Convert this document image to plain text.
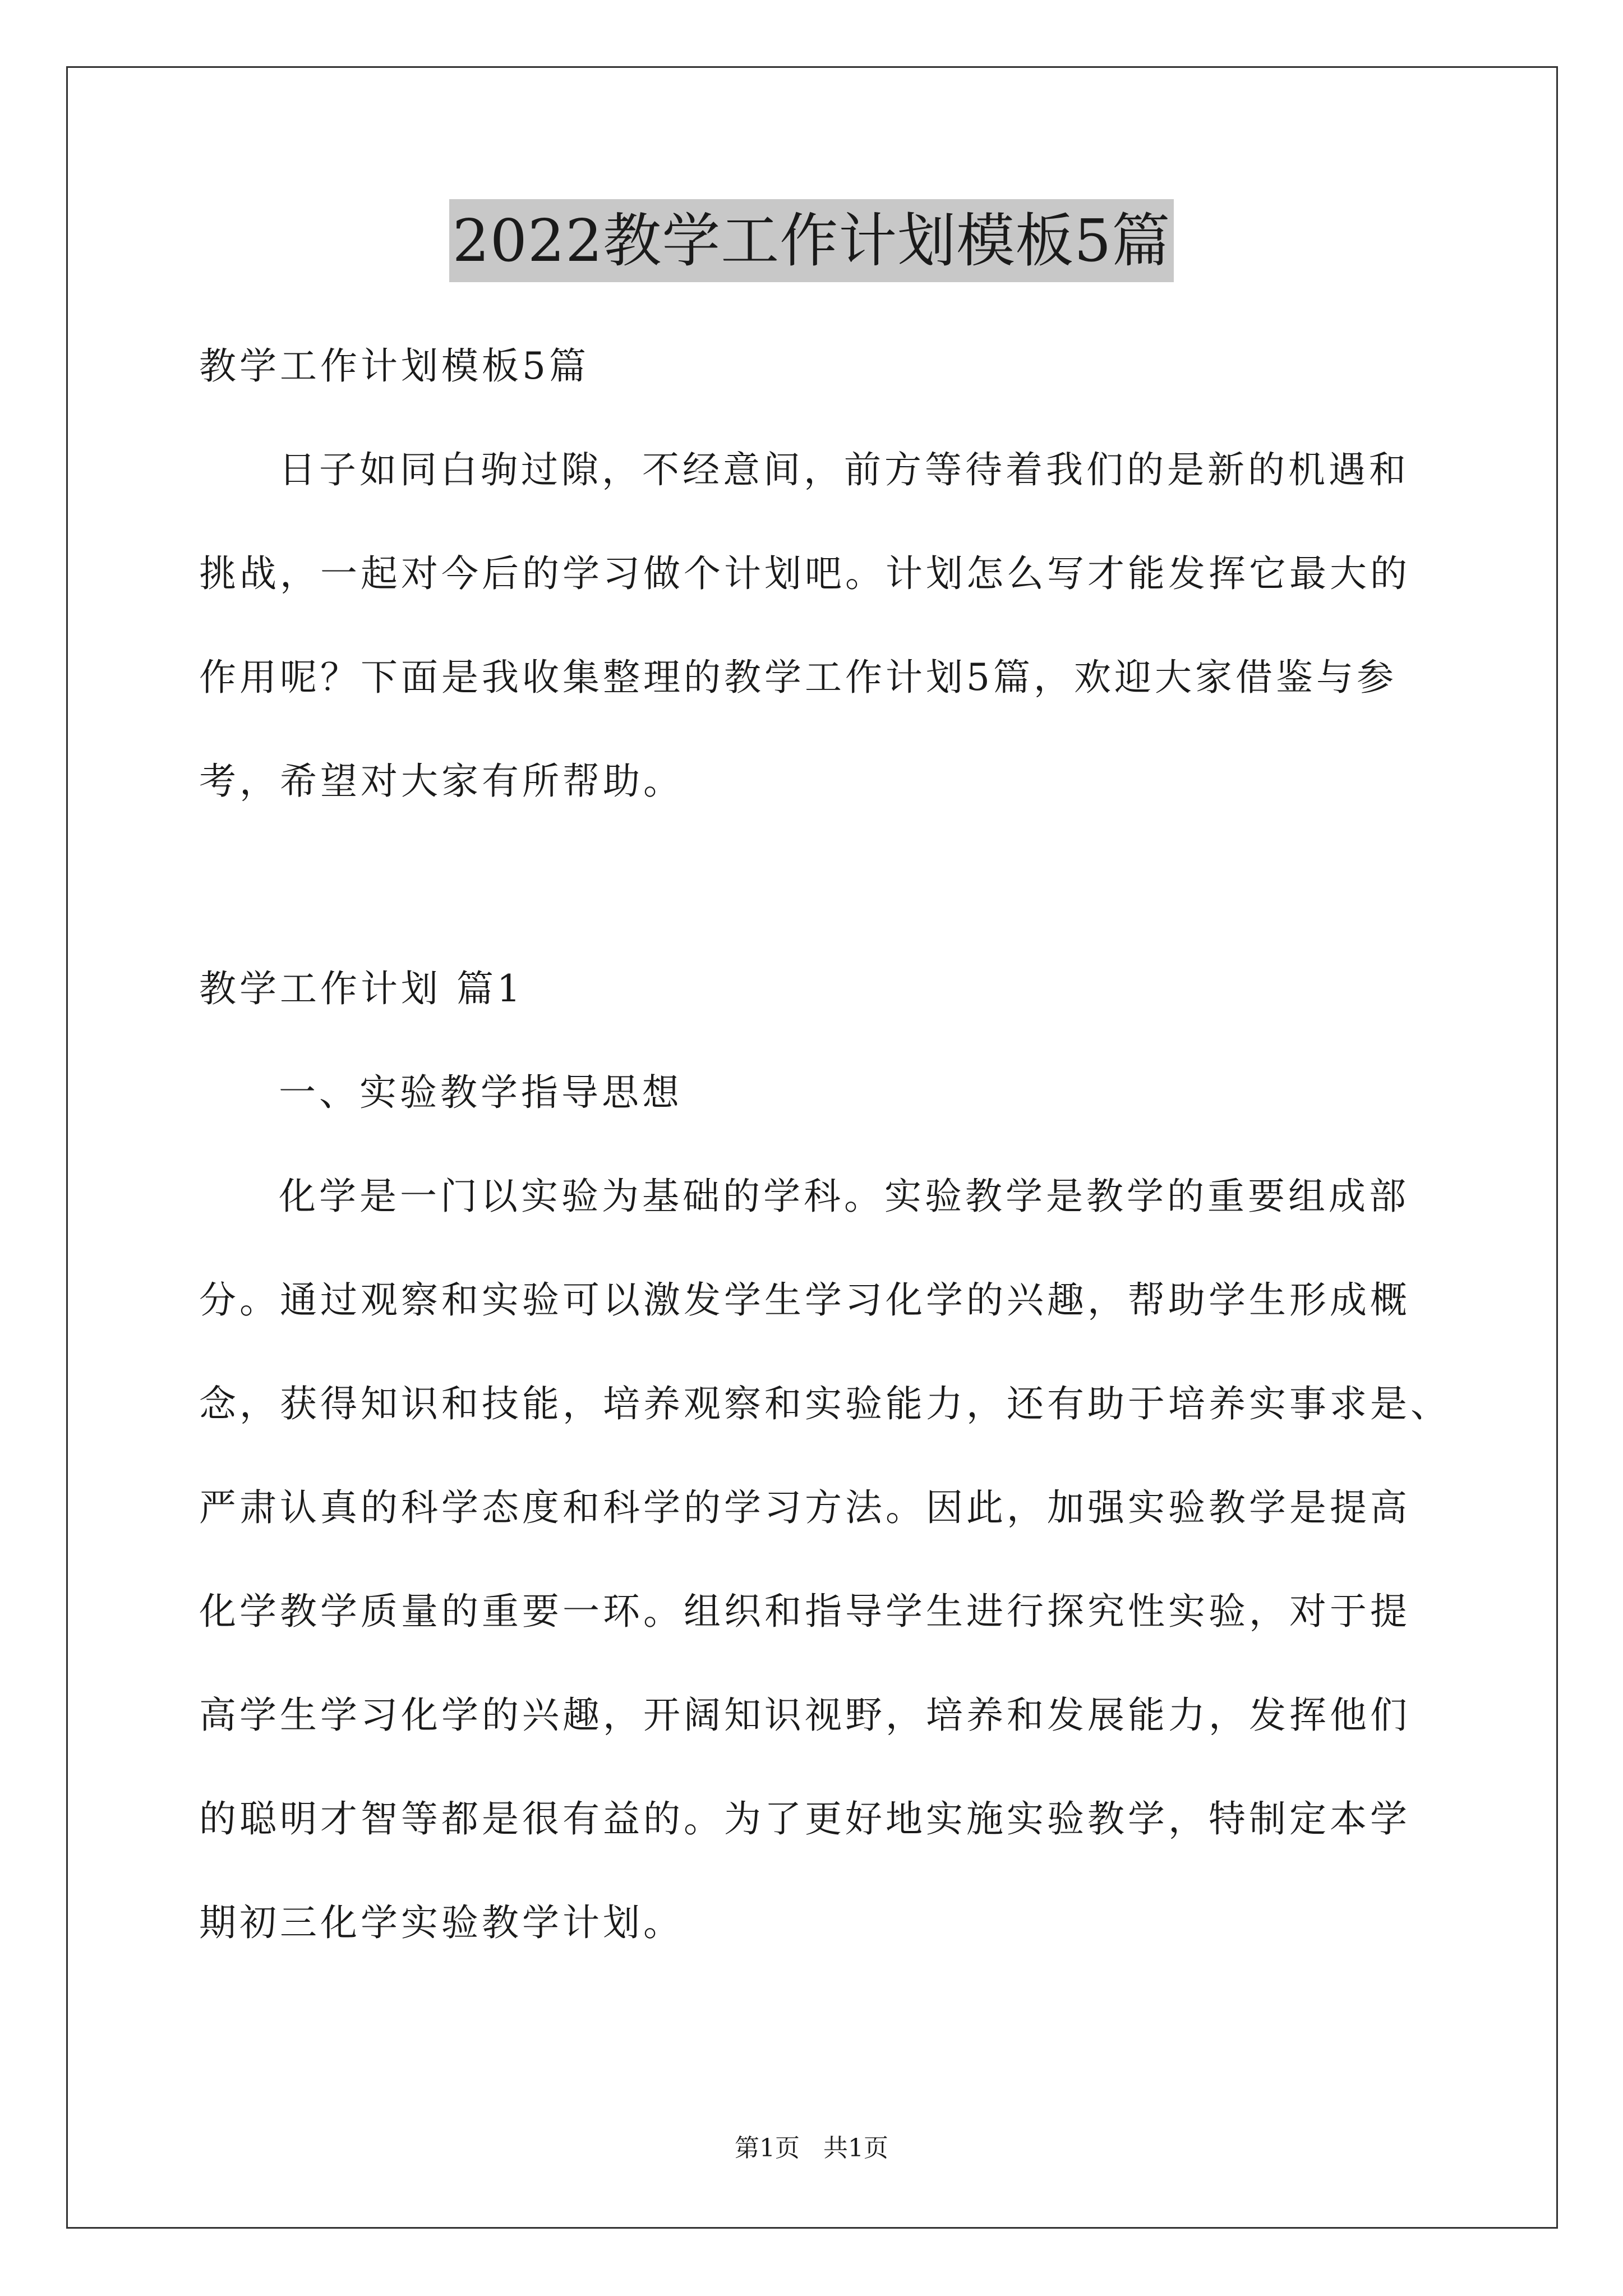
2022教学工作计划模板5篇
教学工作计划模板5篇
日子如同白驹过隙，不经意间，前方等待着我们的是新的机遇和
挑战，一起对今后的学习做个计划吧。计划怎么写才能发挥它最大的
作用呢？下面是我收集整理的教学工作计划5篇，欢迎大家借鉴与参
考，希望对大家有所帮助。
教学工作计划 篇1
一、实验教学指导思想
化学是一门以实验为基础的学科。实验教学是教学的重要组成部
分。通过观察和实验可以激发学生学习化学的兴趣，帮助学生形成概
念，获得知识和技能，培养观察和实验能力，还有助于培养实事求是、
严肃认真的科学态度和科学的学习方法。因此，加强实验教学是提高
化学教学质量的重要一环。组织和指导学生进行探究性实验，对于提
高学生学习化学的兴趣，开阔知识视野，培养和发展能力，发挥他们
的聪明才智等都是很有益的。为了更好地实施实验教学，特制定本学
期初三化学实验教学计划。
第1页   共1页
